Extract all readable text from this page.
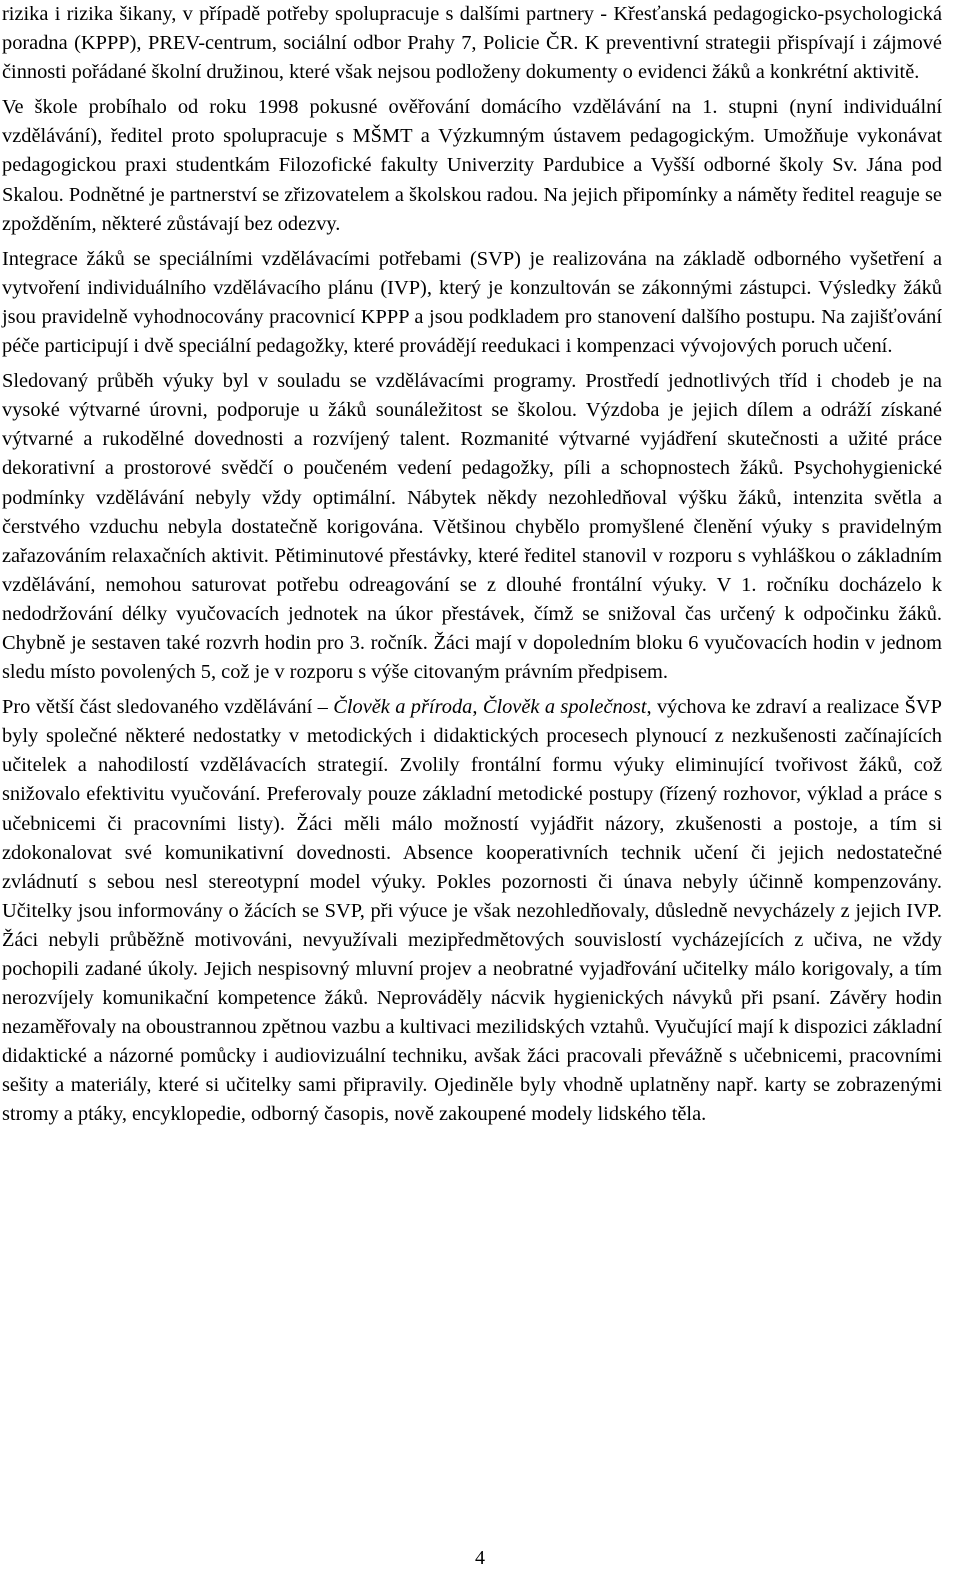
rizika i rizika šikany, v případě potřeby spolupracuje s dalšími partnery - Křesťanská pedagogicko-psychologická poradna (KPPP), PREV-centrum, sociální odbor Prahy 7, Policie ČR. K preventivní strategii přispívají i zájmové činnosti pořádané školní družinou, které však nejsou podloženy dokumenty o evidenci žáků a konkrétní aktivitě.

Ve škole probíhalo od roku 1998 pokusné ověřování domácího vzdělávání na 1. stupni (nyní individuální vzdělávání), ředitel proto spolupracuje s MŠMT a Výzkumným ústavem pedagogickým. Umožňuje vykonávat pedagogickou praxi studentkám Filozofické fakulty Univerzity Pardubice a Vyšší odborné školy Sv. Jána pod Skalou. Podnětné je partnerství se zřizovatelem a školskou radou. Na jejich připomínky a náměty ředitel reaguje se zpožděním, některé zůstávají bez odezvy.

Integrace žáků se speciálními vzdělávacími potřebami (SVP) je realizována na základě odborného vyšetření a vytvoření individuálního vzdělávacího plánu (IVP), který je konzultován se zákonnými zástupci. Výsledky žáků jsou pravidelně vyhodnocovány pracovnicí KPPP a jsou podkladem pro stanovení dalšího postupu. Na zajišťování péče participují i dvě speciální pedagožky, které provádějí reedukaci i kompenzaci vývojových poruch učení.

Sledovaný průběh výuky byl v souladu se vzdělávacími programy. Prostředí jednotlivých tříd i chodeb je na vysoké výtvarné úrovni, podporuje u žáků sounáležitost se školou. Výzdoba je jejich dílem a odráží získané výtvarné a rukodělné dovednosti a rozvíjený talent. Rozmanité výtvarné vyjádření skutečnosti a užité práce dekorativní a prostorové svědčí o poučeném vedení pedagožky, píli a schopnostech žáků. Psychohygienické podmínky vzdělávání nebyly vždy optimální. Nábytek někdy nezohledňoval výšku žáků, intenzita světla a čerstvého vzduchu nebyla dostatečně korigována. Většinou chybělo promyšlené členění výuky s pravidelným zařazováním relaxačních aktivit. Pětiminutové přestávky, které ředitel stanovil v rozporu s vyhláškou o základním vzdělávání, nemohou saturovat potřebu odreagování se z dlouhé frontální výuky. V 1. ročníku docházelo k nedodržování délky vyučovacích jednotek na úkor přestávek, čímž se snižoval čas určený k odpočinku žáků. Chybně je sestaven také rozvrh hodin pro 3. ročník. Žáci mají v dopoledním bloku 6 vyučovacích hodin v jednom sledu místo povolených 5, což je v rozporu s výše citovaným právním předpisem.

Pro větší část sledovaného vzdělávání – Člověk a příroda, Člověk a společnost, výchova ke zdraví a realizace ŠVP byly společné některé nedostatky v metodických i didaktických procesech plynoucí z nezkušenosti začínajících učitelek a nahodilostí vzdělávacích strategií. Zvolily frontální formu výuky eliminující tvořivost žáků, což snižovalo efektivitu vyučování. Preferovaly pouze základní metodické postupy (řízený rozhovor, výklad a práce s učebnicemi či pracovními listy). Žáci měli málo možností vyjádřit názory, zkušenosti a postoje, a tím si zdokonalovat své komunikativní dovednosti. Absence kooperativních technik učení či jejich nedostatečné zvládnutí s sebou nesl stereotypní model výuky. Pokles pozornosti či únava nebyly účinně kompenzovány. Učitelky jsou informovány o žácích se SVP, při výuce je však nezohledňovaly, důsledně nevycházely z jejich IVP. Žáci nebyli průběžně motivováni, nevyužívali mezipředmětových souvislostí vycházejících z učiva, ne vždy pochopili zadané úkoly. Jejich nespisovný mluvní projev a neobratné vyjadřování učitelky málo korigovaly, a tím nerozvíjely komunikační kompetence žáků. Neprováděly nácvik hygienických návyků při psaní. Závěry hodin nezaměřovaly na oboustrannou zpětnou vazbu a kultivaci mezilidských vztahů. Vyučující mají k dispozici základní didaktické a názorné pomůcky i audiovizuální techniku, avšak žáci pracovali převážně s učebnicemi, pracovními sešity a materiály, které si učitelky sami připravily. Ojediněle byly vhodně uplatněny např. karty se zobrazenými stromy a ptáky, encyklopedie, odborný časopis, nově zakoupené modely lidského těla.

4
